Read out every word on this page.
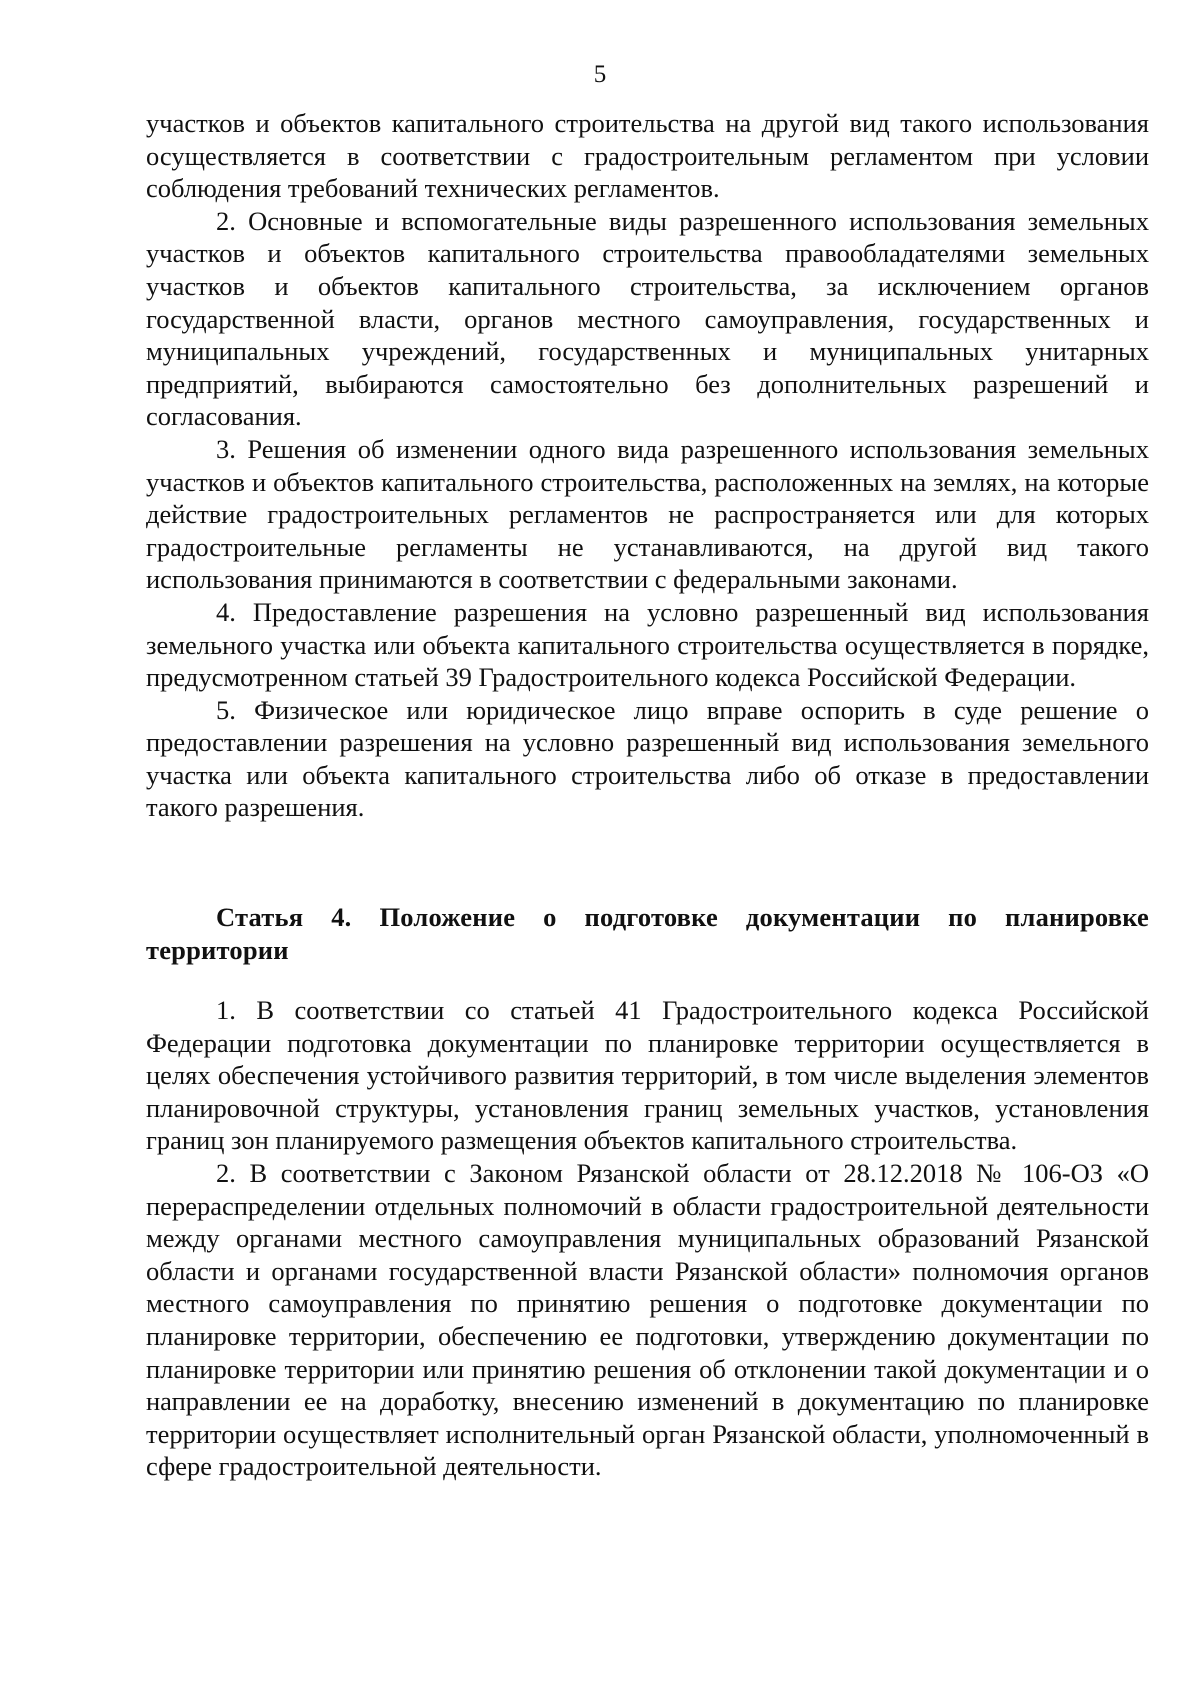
5

участков и объектов капитального строительства на другой вид такого использования осуществляется в соответствии с градостроительным регламентом при условии соблюдения требований технических регламентов.

2. Основные и вспомогательные виды разрешенного использования земельных участков и объектов капитального строительства правообладателями земельных участков и объектов капитального строительства, за исключением органов государственной власти, органов местного самоуправления, государственных и муниципальных учреждений, государственных и муниципальных унитарных предприятий, выбираются самостоятельно без дополнительных разрешений и согласования.

3. Решения об изменении одного вида разрешенного использования земельных участков и объектов капитального строительства, расположенных на землях, на которые действие градостроительных регламентов не распространяется или для которых градостроительные регламенты не устанавливаются, на другой вид такого использования принимаются в соответствии с федеральными законами.

4. Предоставление разрешения на условно разрешенный вид использования земельного участка или объекта капитального строительства осуществляется в порядке, предусмотренном статьей 39 Градостроительного кодекса Российской Федерации.

5. Физическое или юридическое лицо вправе оспорить в суде решение о предоставлении разрешения на условно разрешенный вид использования земельного участка или объекта капитального строительства либо об отказе в предоставлении такого разрешения.

Статья 4. Положение о подготовке документации по планировке территории

1. В соответствии со статьей 41 Градостроительного кодекса Российской Федерации подготовка документации по планировке территории осуществляется в целях обеспечения устойчивого развития территорий, в том числе выделения элементов планировочной структуры, установления границ земельных участков, установления границ зон планируемого размещения объектов капитального строительства.

2. В соответствии с Законом Рязанской области от 28.12.2018 № 106-ОЗ «О перераспределении отдельных полномочий в области градостроительной деятельности между органами местного самоуправления муниципальных образований Рязанской области и органами государственной власти Рязанской области» полномочия органов местного самоуправления по принятию решения о подготовке документации по планировке территории, обеспечению ее подготовки, утверждению документации по планировке территории или принятию решения об отклонении такой документации и о направлении ее на доработку, внесению изменений в документацию по планировке территории осуществляет исполнительный орган Рязанской области, уполномоченный в сфере градостроительной деятельности.
